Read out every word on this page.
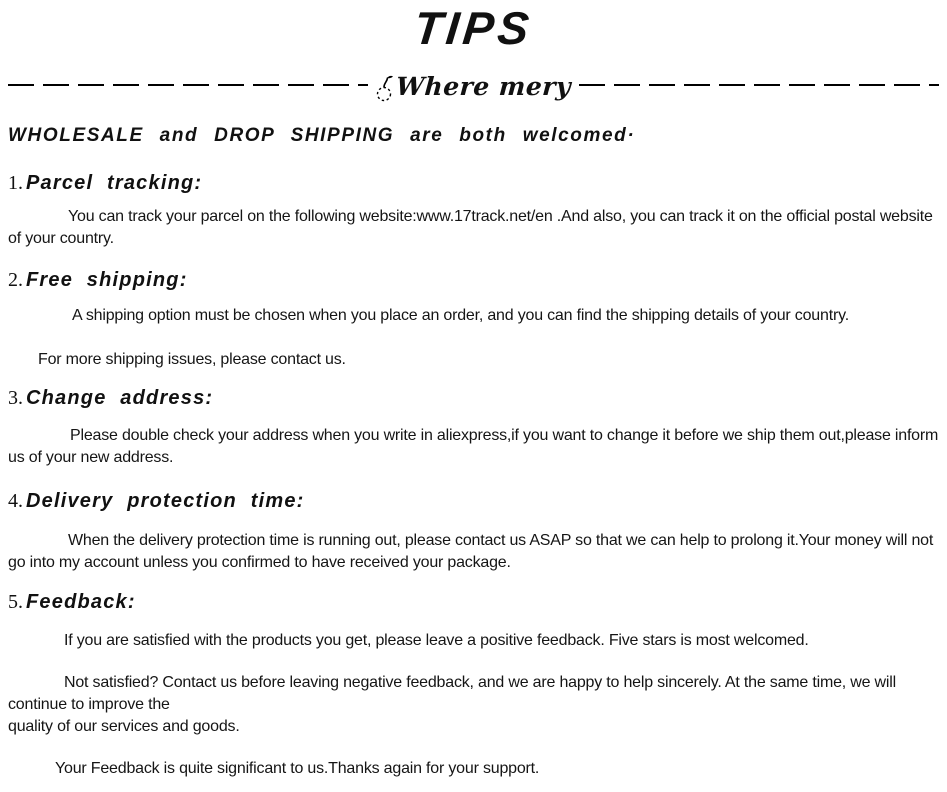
TIPS
Where mery

WHOLESALE and DROP SHIPPING are both welcomed·

1. Parcel tracking:

You can track your parcel on the following website:www.17track.net/en .And also, you can track it on the official postal website of your country.

2. Free shipping:

A shipping option must be chosen when you place an order, and you can find the shipping details of your country.

For more shipping issues, please contact us.

3. Change address:

Please double check your address when you write in aliexpress,if you want to change it before we ship them out,please inform us of your new address.

4. Delivery protection time:

When the delivery protection time is running out, please contact us ASAP so that we can help to prolong it.Your money will not go into my account unless you confirmed to have received your package.

5. Feedback:

If you are satisfied with the products you get, please leave a positive feedback. Five stars is most welcomed.

Not satisfied? Contact us before leaving negative feedback, and we are happy to help sincerely. At the same time, we will
continue to improve the
quality of our services and goods.

Your Feedback is quite significant to us.Thanks again for your support.
